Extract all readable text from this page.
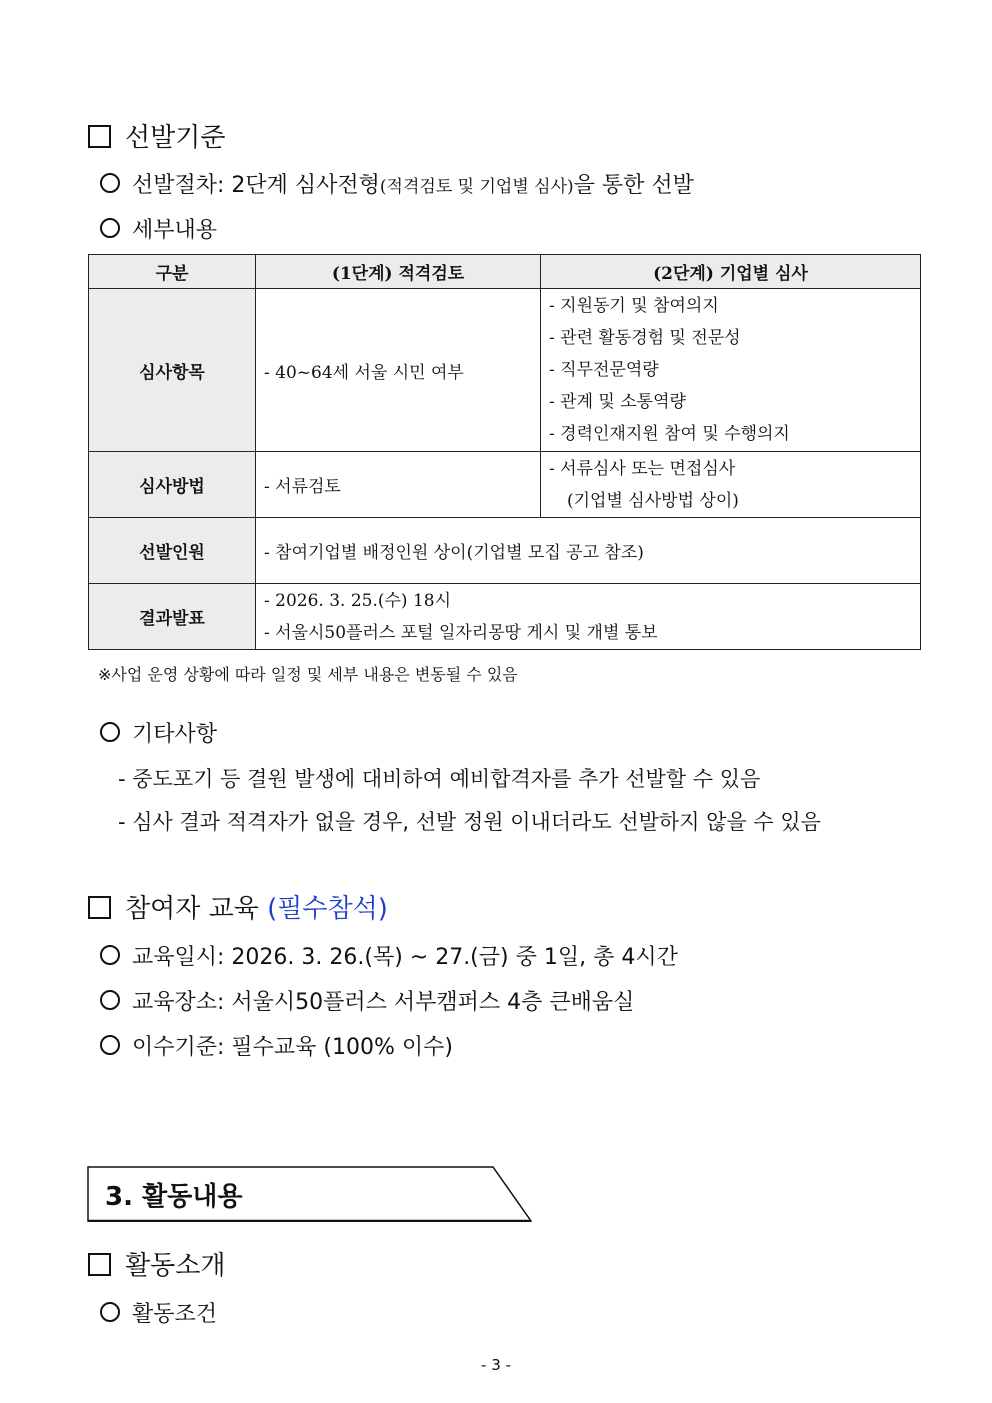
선발기준
선발절차: 2단계 심사전형(적격검토 및 기업별 심사)을 통한 선발
세부내용
구분	(1단계) 적격검토	(2단계) 기업별 심사
심사항목	- 40~64세 서울 시민 여부	- 지원동기 및 참여의지
- 관련 활동경험 및 전문성
- 직무전문역량
- 관계 및 소통역량
- 경력인재지원 참여 및 수행의지

심사방법	- 서류검토	- 서류심사 또는 면접심사
(기업별 심사방법 상이)

선발인원	- 참여기업별 배정인원 상이(기업별 모집 공고 참조)	
결과발표	- 2026. 3. 25.(수) 18시
- 서울시50플러스 포털 일자리몽땅 게시 및 개별 통보	
※사업 운영 상황에 따라 일정 및 세부 내용은 변동될 수 있음
기타사항
- 중도포기 등 결원 발생에 대비하여 예비합격자를 추가 선발할 수 있음
- 심사 결과 적격자가 없을 경우, 선발 정원 이내더라도 선발하지 않을 수 있음
참여자 교육 (필수참석)
교육일시: 2026. 3. 26.(목) ~ 27.(금) 중 1일, 총 4시간
교육장소: 서울시50플러스 서부캠퍼스 4층 큰배움실
이수기준: 필수교육 (100% 이수)
3. 활동내용
활동소개
활동조건
- 3 -
